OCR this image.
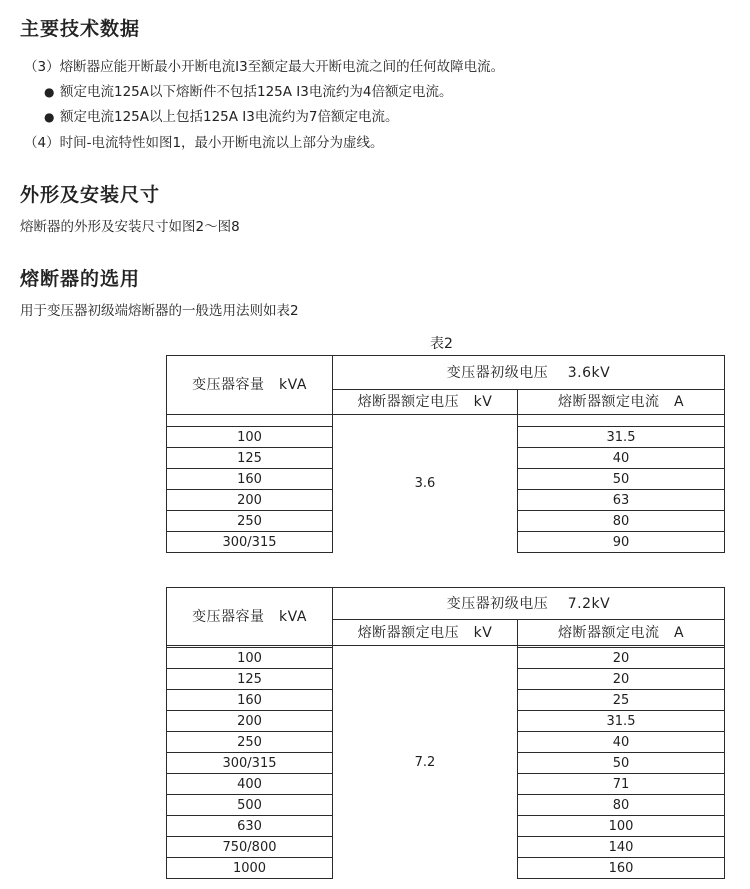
主要技术数据
（3）熔断器应能开断最小开断电流I3至额定最大开断电流之间的任何故障电流。
● 额定电流125A以下熔断件不包括125A I3电流约为4倍额定电流。
● 额定电流125A以上包括125A I3电流约为7倍额定电流。
（4）时间-电流特性如图1，最小开断电流以上部分为虚线。
外形及安装尺寸
熔断器的外形及安装尺寸如图2～图8
熔断器的选用
用于变压器初级端熔断器的一般选用法则如表2
表2
变压器容量　kVA	变压器初级电压　 3.6kV	
	熔断器额定电压　kV	熔断器额定电流　A
	3.6	
100		31.5
125		40
160		50
200		63
250		80
300/315		90
变压器容量　kVA	变压器初级电压　 7.2kV	
	熔断器额定电压　kV	熔断器额定电流　A
	7.2	
100		20
125		20
160		25
200		31.5
250		40
300/315		50
400		71
500		80
630		100
750/800		140
1000		160
